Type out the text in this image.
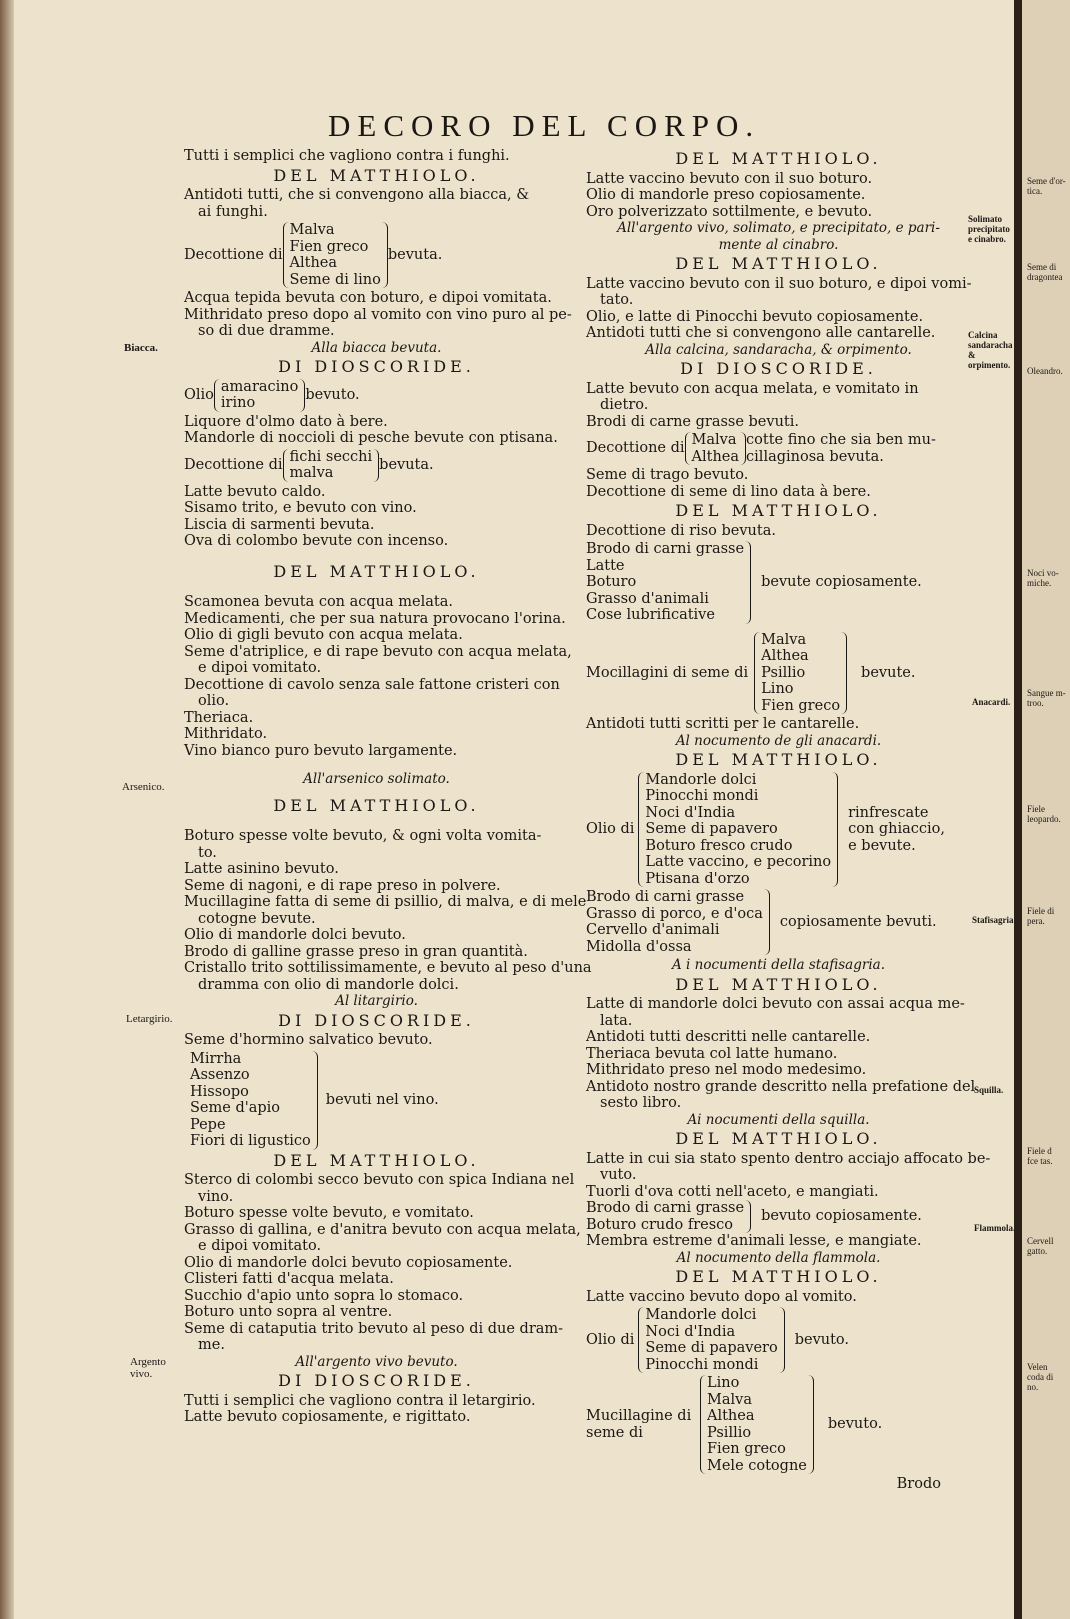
DECORO DEL CORPO.
Tutti i semplici che vagliono contra i funghi.
DEL MATTHIOLO.
Antidoti tutti, che si convengono alla biacca, &
ai funghi.
Decottione di
Malva
Fien greco
Althea
Seme di lino
bevuta.
Acqua tepida bevuta con boturo, e dipoi vomitata.
Mithridato preso dopo al vomito con vino puro al pe-
so di due dramme.
Alla biacca bevuta.
DI DIOSCORIDE.
Olio
amaracino
irino
bevuto.
Liquore d'olmo dato à bere.
Mandorle di noccioli di pesche bevute con ptisana.
Decottione di
fichi secchi
malva
bevuta.
Latte bevuto caldo.
Sisamo trito, e bevuto con vino.
Liscia di sarmenti bevuta.
Ova di colombo bevute con incenso.
DEL MATTHIOLO.
Scamonea bevuta con acqua melata.
Medicamenti, che per sua natura provocano l'orina.
Olio di gigli bevuto con acqua melata.
Seme d'atriplice, e di rape bevuto con acqua melata,
e dipoi vomitato.
Decottione di cavolo senza sale fattone cristeri con
olio.
Theriaca.
Mithridato.
Vino bianco puro bevuto largamente.
All'arsenico solimato.
DEL MATTHIOLO.
Boturo spesse volte bevuto, & ogni volta vomita-
to.
Latte asinino bevuto.
Seme di nagoni, e di rape preso in polvere.
Mucillagine fatta di seme di psillio, di malva, e di mele
cotogne bevute.
Olio di mandorle dolci bevuto.
Brodo di galline grasse preso in gran quantità.
Cristallo trito sottilissimamente, e bevuto al peso d'una
dramma con olio di mandorle dolci.
Al litargirio.
DI DIOSCORIDE.
Seme d'hormino salvatico bevuto.
Mirrha
Assenzo
Hissopo
Seme d'apio
Pepe
Fiori di ligustico
bevuti nel vino.
DEL MATTHIOLO.
Sterco di colombi secco bevuto con spica Indiana nel
vino.
Boturo spesse volte bevuto, e vomitato.
Grasso di gallina, e d'anitra bevuto con acqua melata,
e dipoi vomitato.
Olio di mandorle dolci bevuto copiosamente.
Clisteri fatti d'acqua melata.
Succhio d'apio unto sopra lo stomaco.
Boturo unto sopra al ventre.
Seme di cataputia trito bevuto al peso di due dram-
me.
All'argento vivo bevuto.
DI DIOSCORIDE.
Tutti i semplici che vagliono contra il letargirio.
Latte bevuto copiosamente, e rigittato.
DEL MATTHIOLO.
Latte vaccino bevuto con il suo boturo.
Olio di mandorle preso copiosamente.
Oro polverizzato sottilmente, e bevuto.
All'argento vivo, solimato, e precipitato, e pari-
mente al cinabro.
DEL MATTHIOLO.
Latte vaccino bevuto con il suo boturo, e dipoi vomi-
tato.
Olio, e latte di Pinocchi bevuto copiosamente.
Antidoti tutti che si convengono alle cantarelle.
Alla calcina, sandaracha, & orpimento.
DI DIOSCORIDE.
Latte bevuto con acqua melata, e vomitato in
dietro.
Brodi di carne grasse bevuti.
Decottione di
Malva
Althea
cotte fino che sia ben mu-
cillaginosa bevuta.
Seme di trago bevuto.
Decottione di seme di lino data à bere.
DEL MATTHIOLO.
Decottione di riso bevuta.
Brodo di carni grasse
Latte
Boturo
Grasso d'animali
Cose lubrificative
bevute copiosamente.
Mocillagini di seme di
Malva
Althea
Psillio
Lino
Fien greco
bevute.
Antidoti tutti scritti per le cantarelle.
Al nocumento de gli anacardi.
DEL MATTHIOLO.
Olio di
Mandorle dolci
Pinocchi mondi
Noci d'India
Seme di papavero
Boturo fresco crudo
Latte vaccino, e pecorino
Ptisana d'orzo
rinfrescate con ghiaccio, e bevute.
Brodo di carni grasse
Grasso di porco, e d'oca
Cervello d'animali
Midolla d'ossa
copiosamente bevuti.
A i nocumenti della stafisagria.
DEL MATTHIOLO.
Latte di mandorle dolci bevuto con assai acqua me-
lata.
Antidoti tutti descritti nelle cantarelle.
Theriaca bevuta col latte humano.
Mithridato preso nel modo medesimo.
Antidoto nostro grande descritto nella prefatione del
sesto libro.
Ai nocumenti della squilla.
DEL MATTHIOLO.
Latte in cui sia stato spento dentro acciajo affocato be-
vuto.
Tuorli d'ova cotti nell'aceto, e mangiati.
Brodo di carni grasse
Boturo crudo fresco
bevuto copiosamente.
Membra estreme d'animali lesse, e mangiate.
Al nocumento della flammola.
DEL MATTHIOLO.
Latte vaccino bevuto dopo al vomito.
Olio di
Mandorle dolci
Noci d'India
Seme di papavero
Pinocchi mondi
bevuto.
Mucillagine di seme di
Lino
Malva
Althea
Psillio
Fien greco
Mele cotogne
bevuto.
Brodo
Biacca.
Arsenico.
Letargirio.
Argento vivo.
Solimato precipitato e cinabro.
Calcina sandaracha & orpimento.
Anacardi.
Stafisagria.
Squilla.
Flammola.
Seme d'or-
tica.
Seme di
dragontea
Oleandro.
Noci vo-
miche.
Sangue m-
troo.
Fiele
leopardo.
Fiele di
pera.
Fiele d
fce tas.
Cervell
gatto.
Velen
coda di
no.
